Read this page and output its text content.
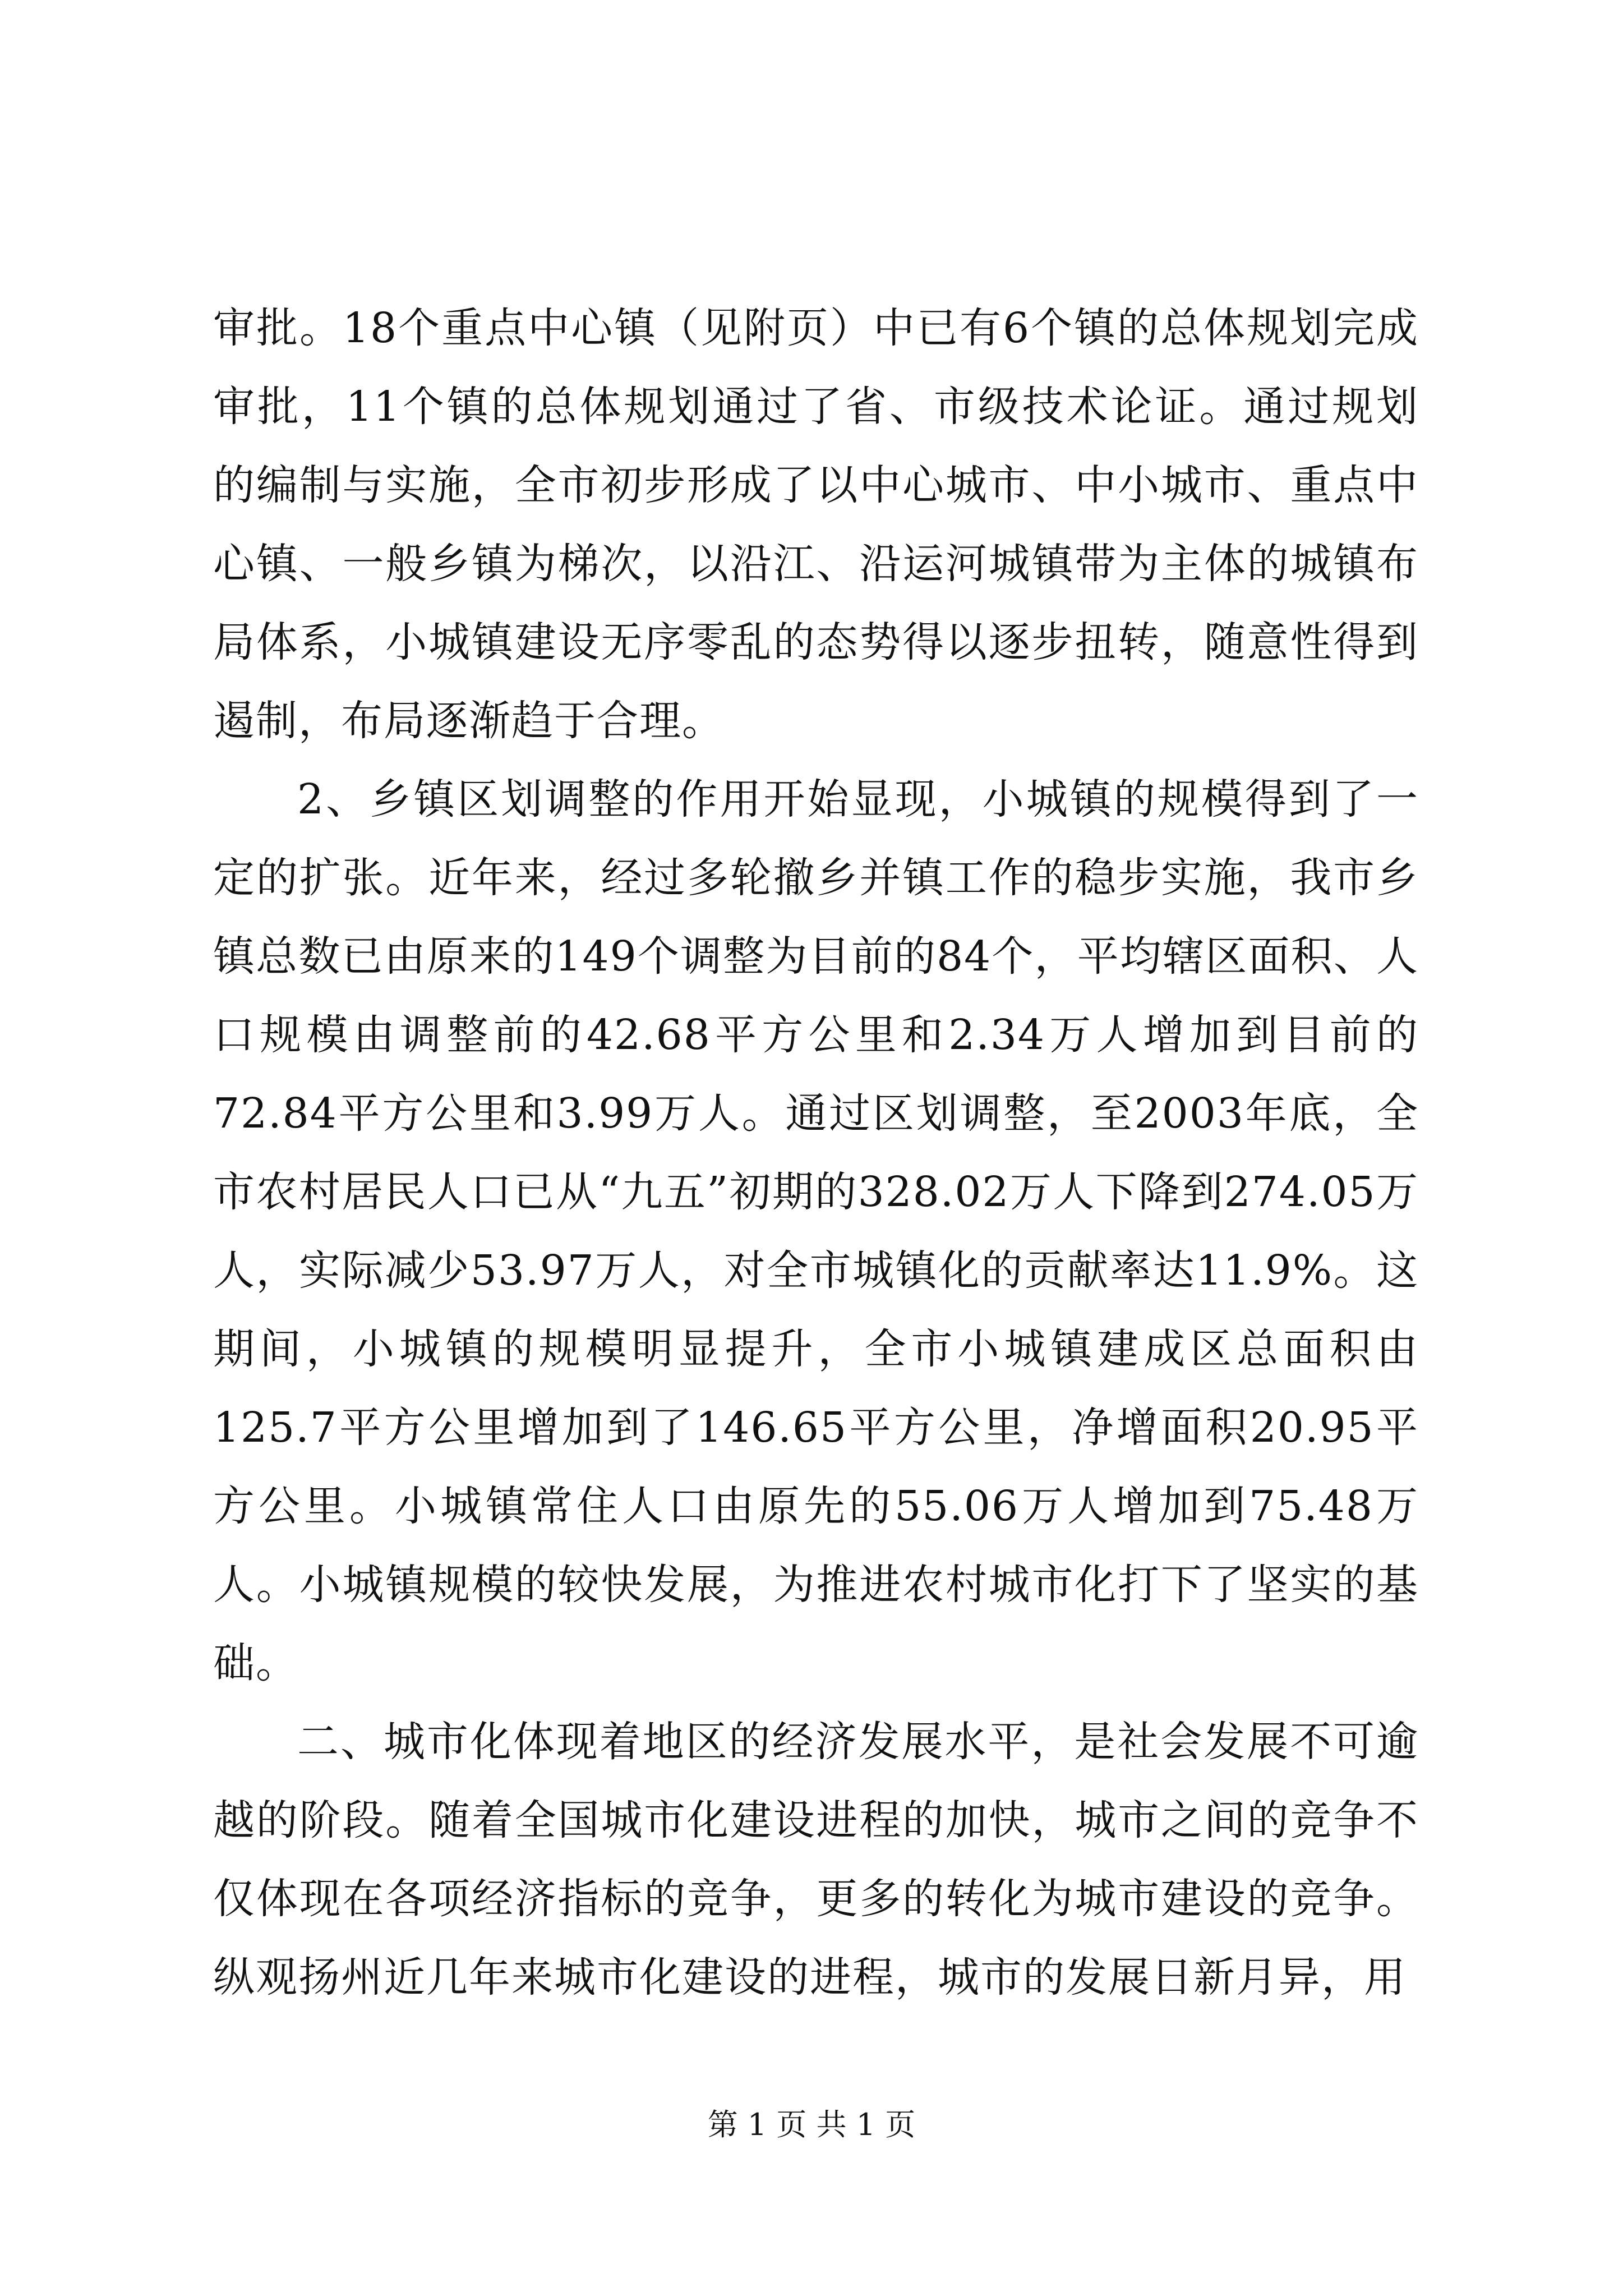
审批。18个重点中心镇（见附页）中已有6个镇的总体规划完成审批，11个镇的总体规划通过了省、市级技术论证。通过规划的编制与实施，全市初步形成了以中心城市、中小城市、重点中心镇、一般乡镇为梯次，以沿江、沿运河城镇带为主体的城镇布局体系，小城镇建设无序零乱的态势得以逐步扭转，随意性得到遏制，布局逐渐趋于合理。

2、乡镇区划调整的作用开始显现，小城镇的规模得到了一定的扩张。近年来，经过多轮撤乡并镇工作的稳步实施，我市乡镇总数已由原来的149个调整为目前的84个，平均辖区面积、人口规模由调整前的42.68平方公里和2.34万人增加到目前的72.84平方公里和3.99万人。通过区划调整，至2003年底，全市农村居民人口已从“九五”初期的328.02万人下降到274.05万人，实际减少53.97万人，对全市城镇化的贡献率达11.9%。这期间，小城镇的规模明显提升，全市小城镇建成区总面积由125.7平方公里增加到了146.65平方公里，净增面积20.95平方公里。小城镇常住人口由原先的55.06万人增加到75.48万人。小城镇规模的较快发展，为推进农村城市化打下了坚实的基础。

二、城市化体现着地区的经济发展水平，是社会发展不可逾越的阶段。随着全国城市化建设进程的加快，城市之间的竞争不仅体现在各项经济指标的竞争，更多的转化为城市建设的竞争。纵观扬州近几年来城市化建设的进程，城市的发展日新月异，用

第 1 页 共 1 页
